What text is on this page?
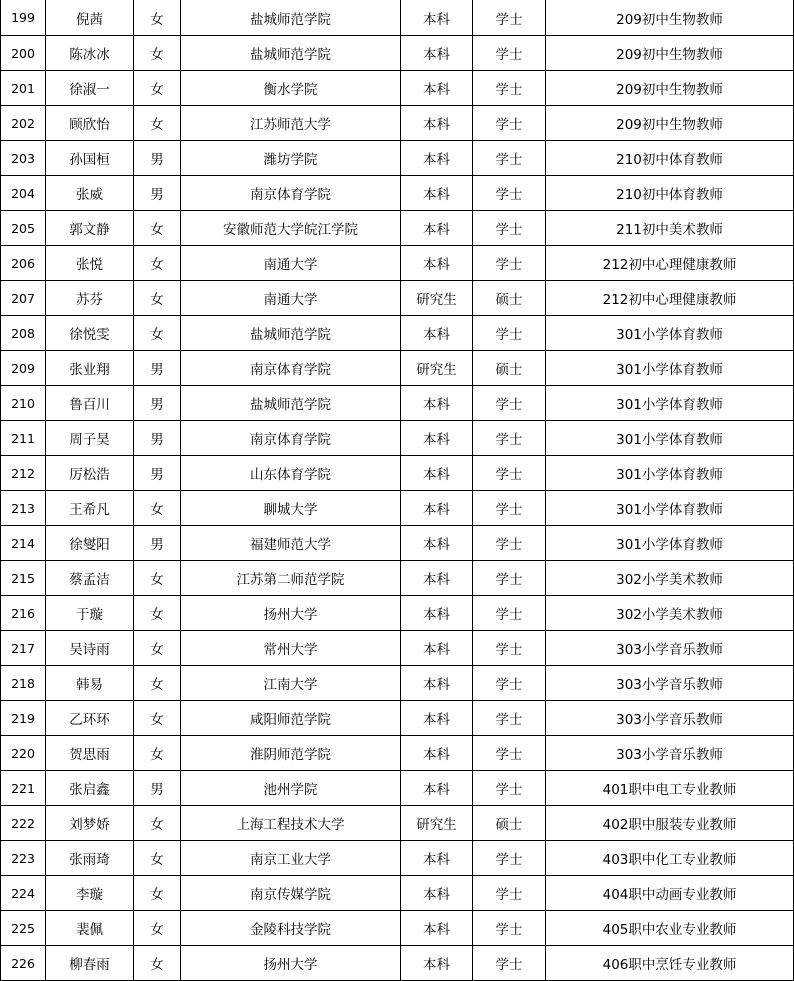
199	倪茜	女	盐城师范学院	本科	学士	209初中生物教师
200	陈冰冰	女	盐城师范学院	本科	学士	209初中生物教师
201	徐淑一	女	衡水学院	本科	学士	209初中生物教师
202	顾欣怡	女	江苏师范大学	本科	学士	209初中生物教师
203	孙国桓	男	潍坊学院	本科	学士	210初中体育教师
204	张威	男	南京体育学院	本科	学士	210初中体育教师
205	郭文静	女	安徽师范大学皖江学院	本科	学士	211初中美术教师
206	张悦	女	南通大学	本科	学士	212初中心理健康教师
207	苏芬	女	南通大学	研究生	硕士	212初中心理健康教师
208	徐悦雯	女	盐城师范学院	本科	学士	301小学体育教师
209	张业翔	男	南京体育学院	研究生	硕士	301小学体育教师
210	鲁百川	男	盐城师范学院	本科	学士	301小学体育教师
211	周子昊	男	南京体育学院	本科	学士	301小学体育教师
212	厉松浩	男	山东体育学院	本科	学士	301小学体育教师
213	王希凡	女	聊城大学	本科	学士	301小学体育教师
214	徐燮阳	男	福建师范大学	本科	学士	301小学体育教师
215	蔡孟洁	女	江苏第二师范学院	本科	学士	302小学美术教师
216	于璇	女	扬州大学	本科	学士	302小学美术教师
217	吴诗雨	女	常州大学	本科	学士	303小学音乐教师
218	韩易	女	江南大学	本科	学士	303小学音乐教师
219	乙环环	女	咸阳师范学院	本科	学士	303小学音乐教师
220	贺思雨	女	淮阴师范学院	本科	学士	303小学音乐教师
221	张启鑫	男	池州学院	本科	学士	401职中电工专业教师
222	刘梦娇	女	上海工程技术大学	研究生	硕士	402职中服装专业教师
223	张雨琦	女	南京工业大学	本科	学士	403职中化工专业教师
224	李璇	女	南京传媒学院	本科	学士	404职中动画专业教师
225	裴佩	女	金陵科技学院	本科	学士	405职中农业专业教师
226	柳春雨	女	扬州大学	本科	学士	406职中烹饪专业教师
